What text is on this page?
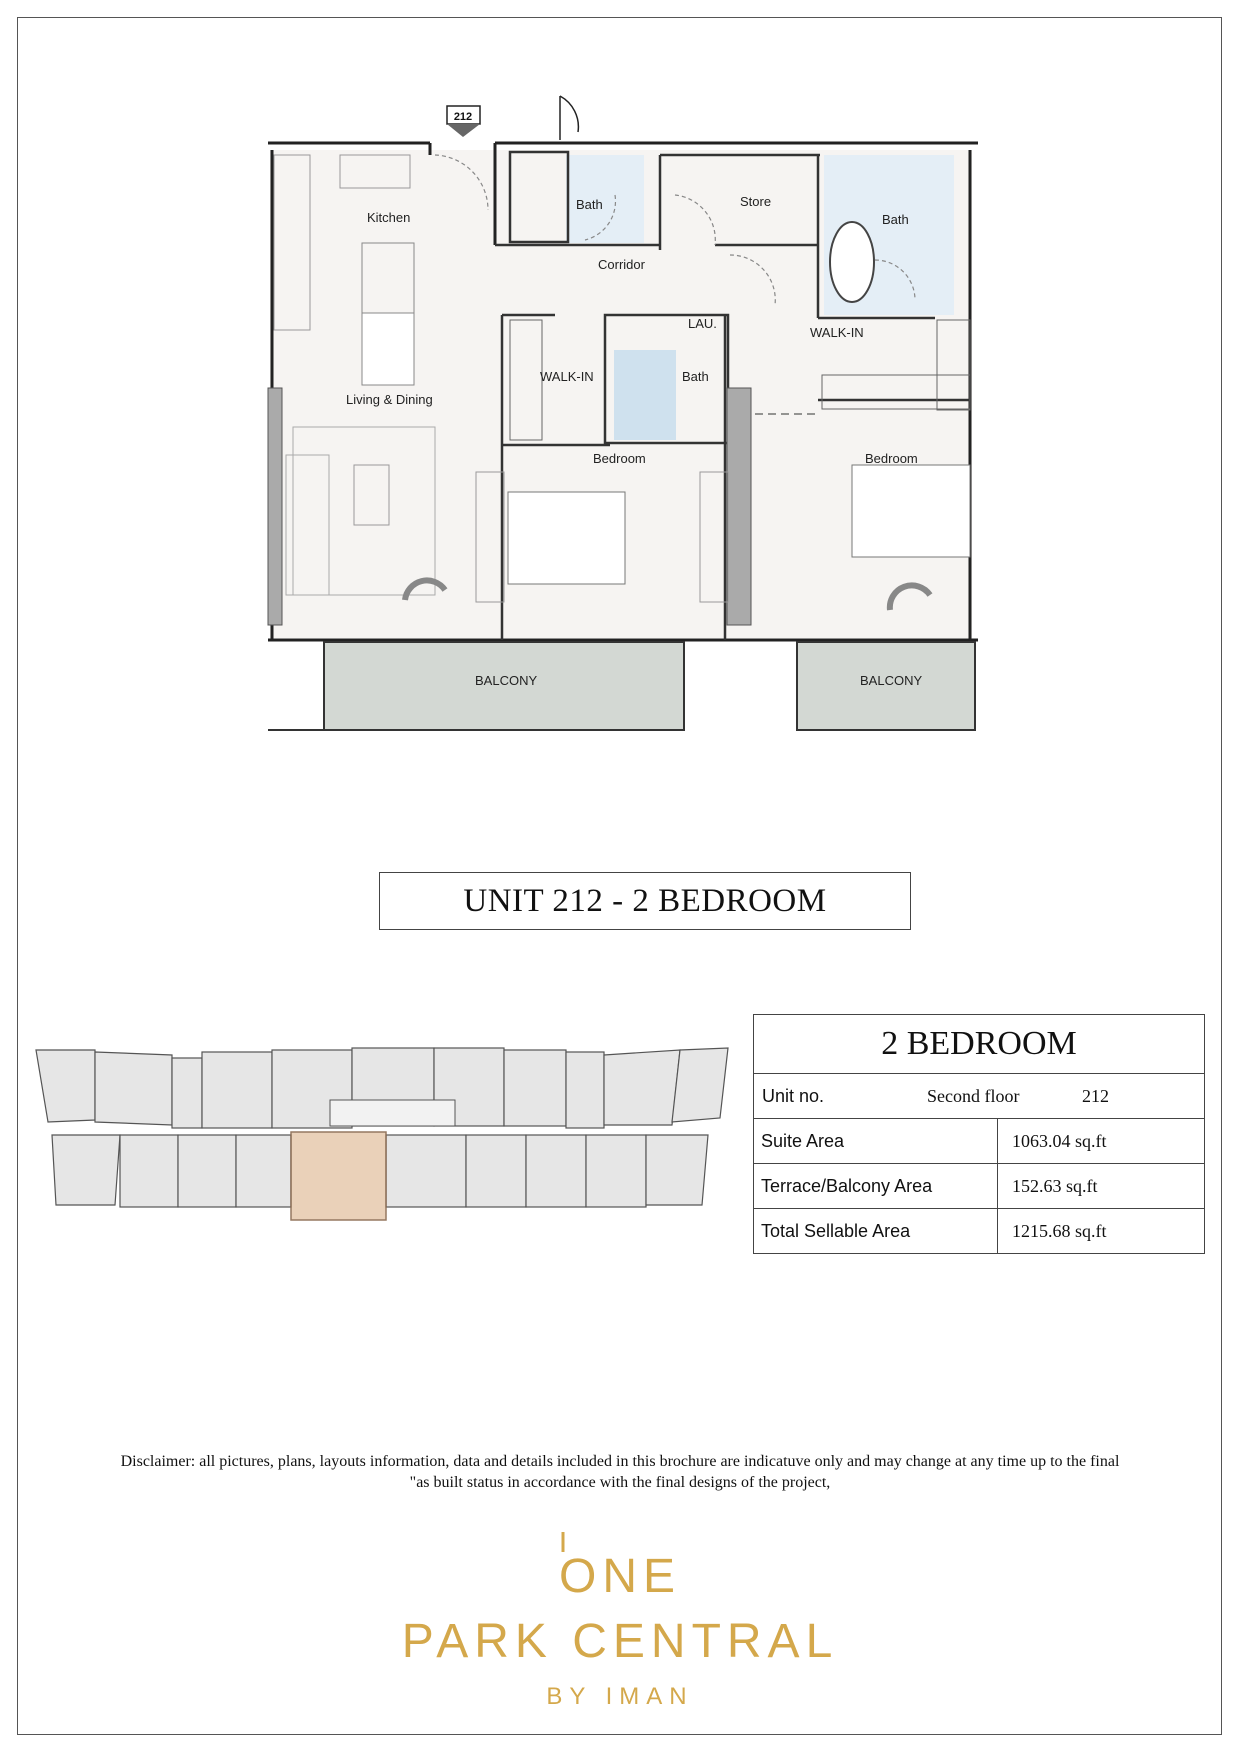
212
Kitchen
Bath	Store
Bath
Corridor
LAU.
WALK-IN
Living & Dining
WALK-IN	Bath
Bedroom	Bedroom
BALCONY	BALCONY
UNIT 212 - 2 BEDROOM
2 BEDROOM	

Unit no. Second floor 212	

Suite Area	1063.04 sq.ft
Terrace/Balcony Area	152.63 sq.ft
Total Sellable Area	1215.68 sq.ft
Disclaimer: all pictures, plans, layouts information, data and details included in this brochure are indicatuve only and may change at any time up to the final
"as built status in accordance with the final designs of the project,
ONE
PARK CENTRAL
BY IMAN
